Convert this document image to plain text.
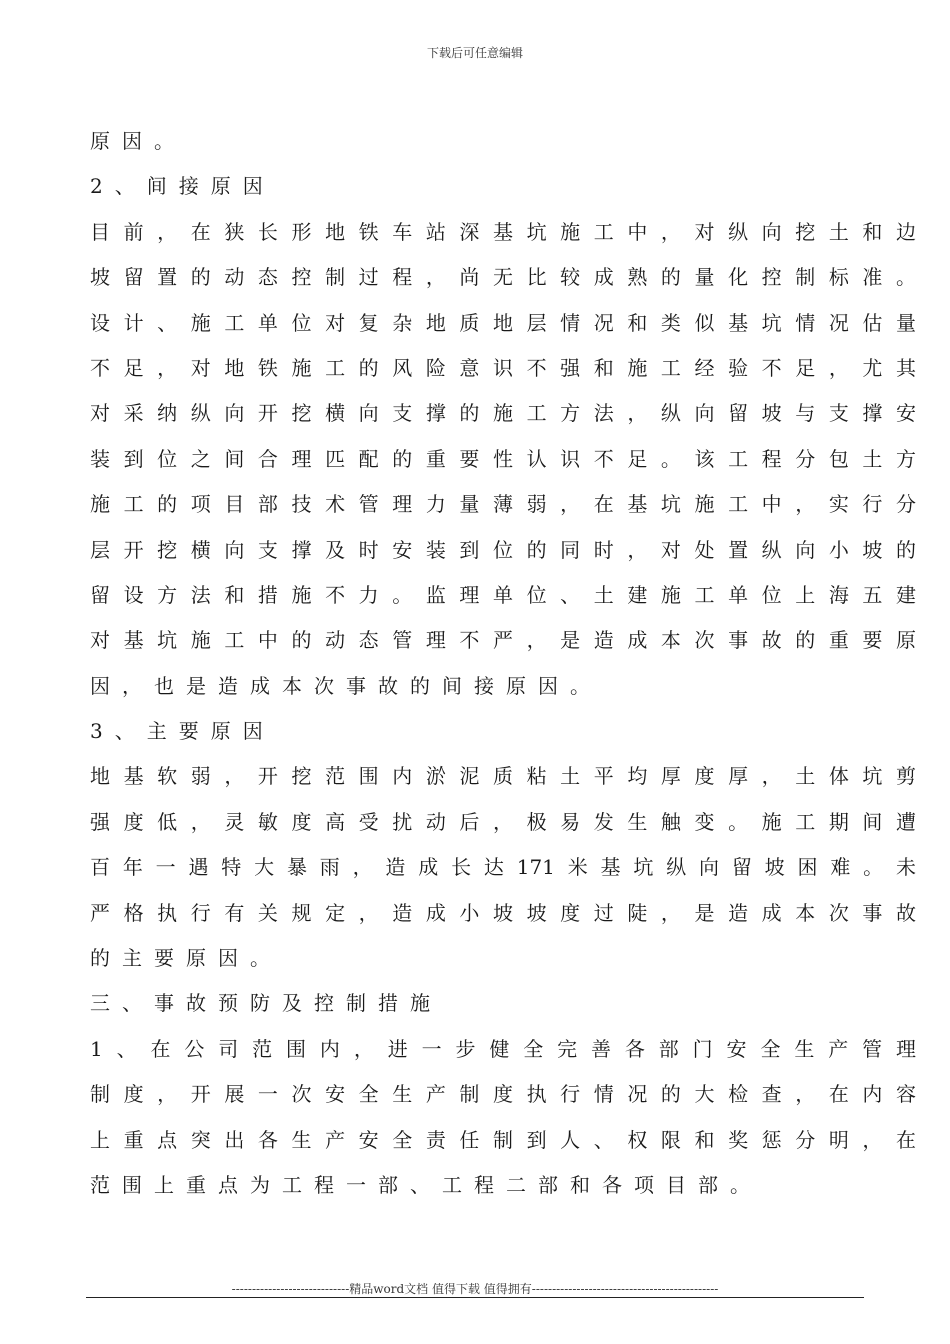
下载后可任意编辑
原因。
2、间接原因
目前，在狭长形地铁车站深基坑施工中，对纵向挖土和边
坡留置的动态控制过程，尚无比较成熟的量化控制标准。
设计、施工单位对复杂地质地层情况和类似基坑情况估量
不足，对地铁施工的风险意识不强和施工经验不足，尤其
对采纳纵向开挖横向支撑的施工方法，纵向留坡与支撑安
装到位之间合理匹配的重要性认识不足。该工程分包土方
施工的项目部技术管理力量薄弱，在基坑施工中，实行分
层开挖横向支撑及时安装到位的同时，对处置纵向小坡的
留设方法和措施不力。监理单位、土建施工单位上海五建
对基坑施工中的动态管理不严，是造成本次事故的重要原
因，也是造成本次事故的间接原因。
3、主要原因
地基软弱，开挖范围内淤泥质粘土平均厚度厚，土体坑剪
强度低，灵敏度高受扰动后，极易发生触变。施工期间遭
百年一遇特大暴雨，造成长达171米基坑纵向留坡困难。未
严格执行有关规定，造成小坡坡度过陡，是造成本次事故
的主要原因。
三、事故预防及控制措施
1、在公司范围内，进一步健全完善各部门安全生产管理
制度，开展一次安全生产制度执行情况的大检查，在内容
上重点突出各生产安全责任制到人、权限和奖惩分明，在
范围上重点为工程一部、工程二部和各项目部。
-----------------------------精品word文档 值得下载 值得拥有----------------------------------------------
